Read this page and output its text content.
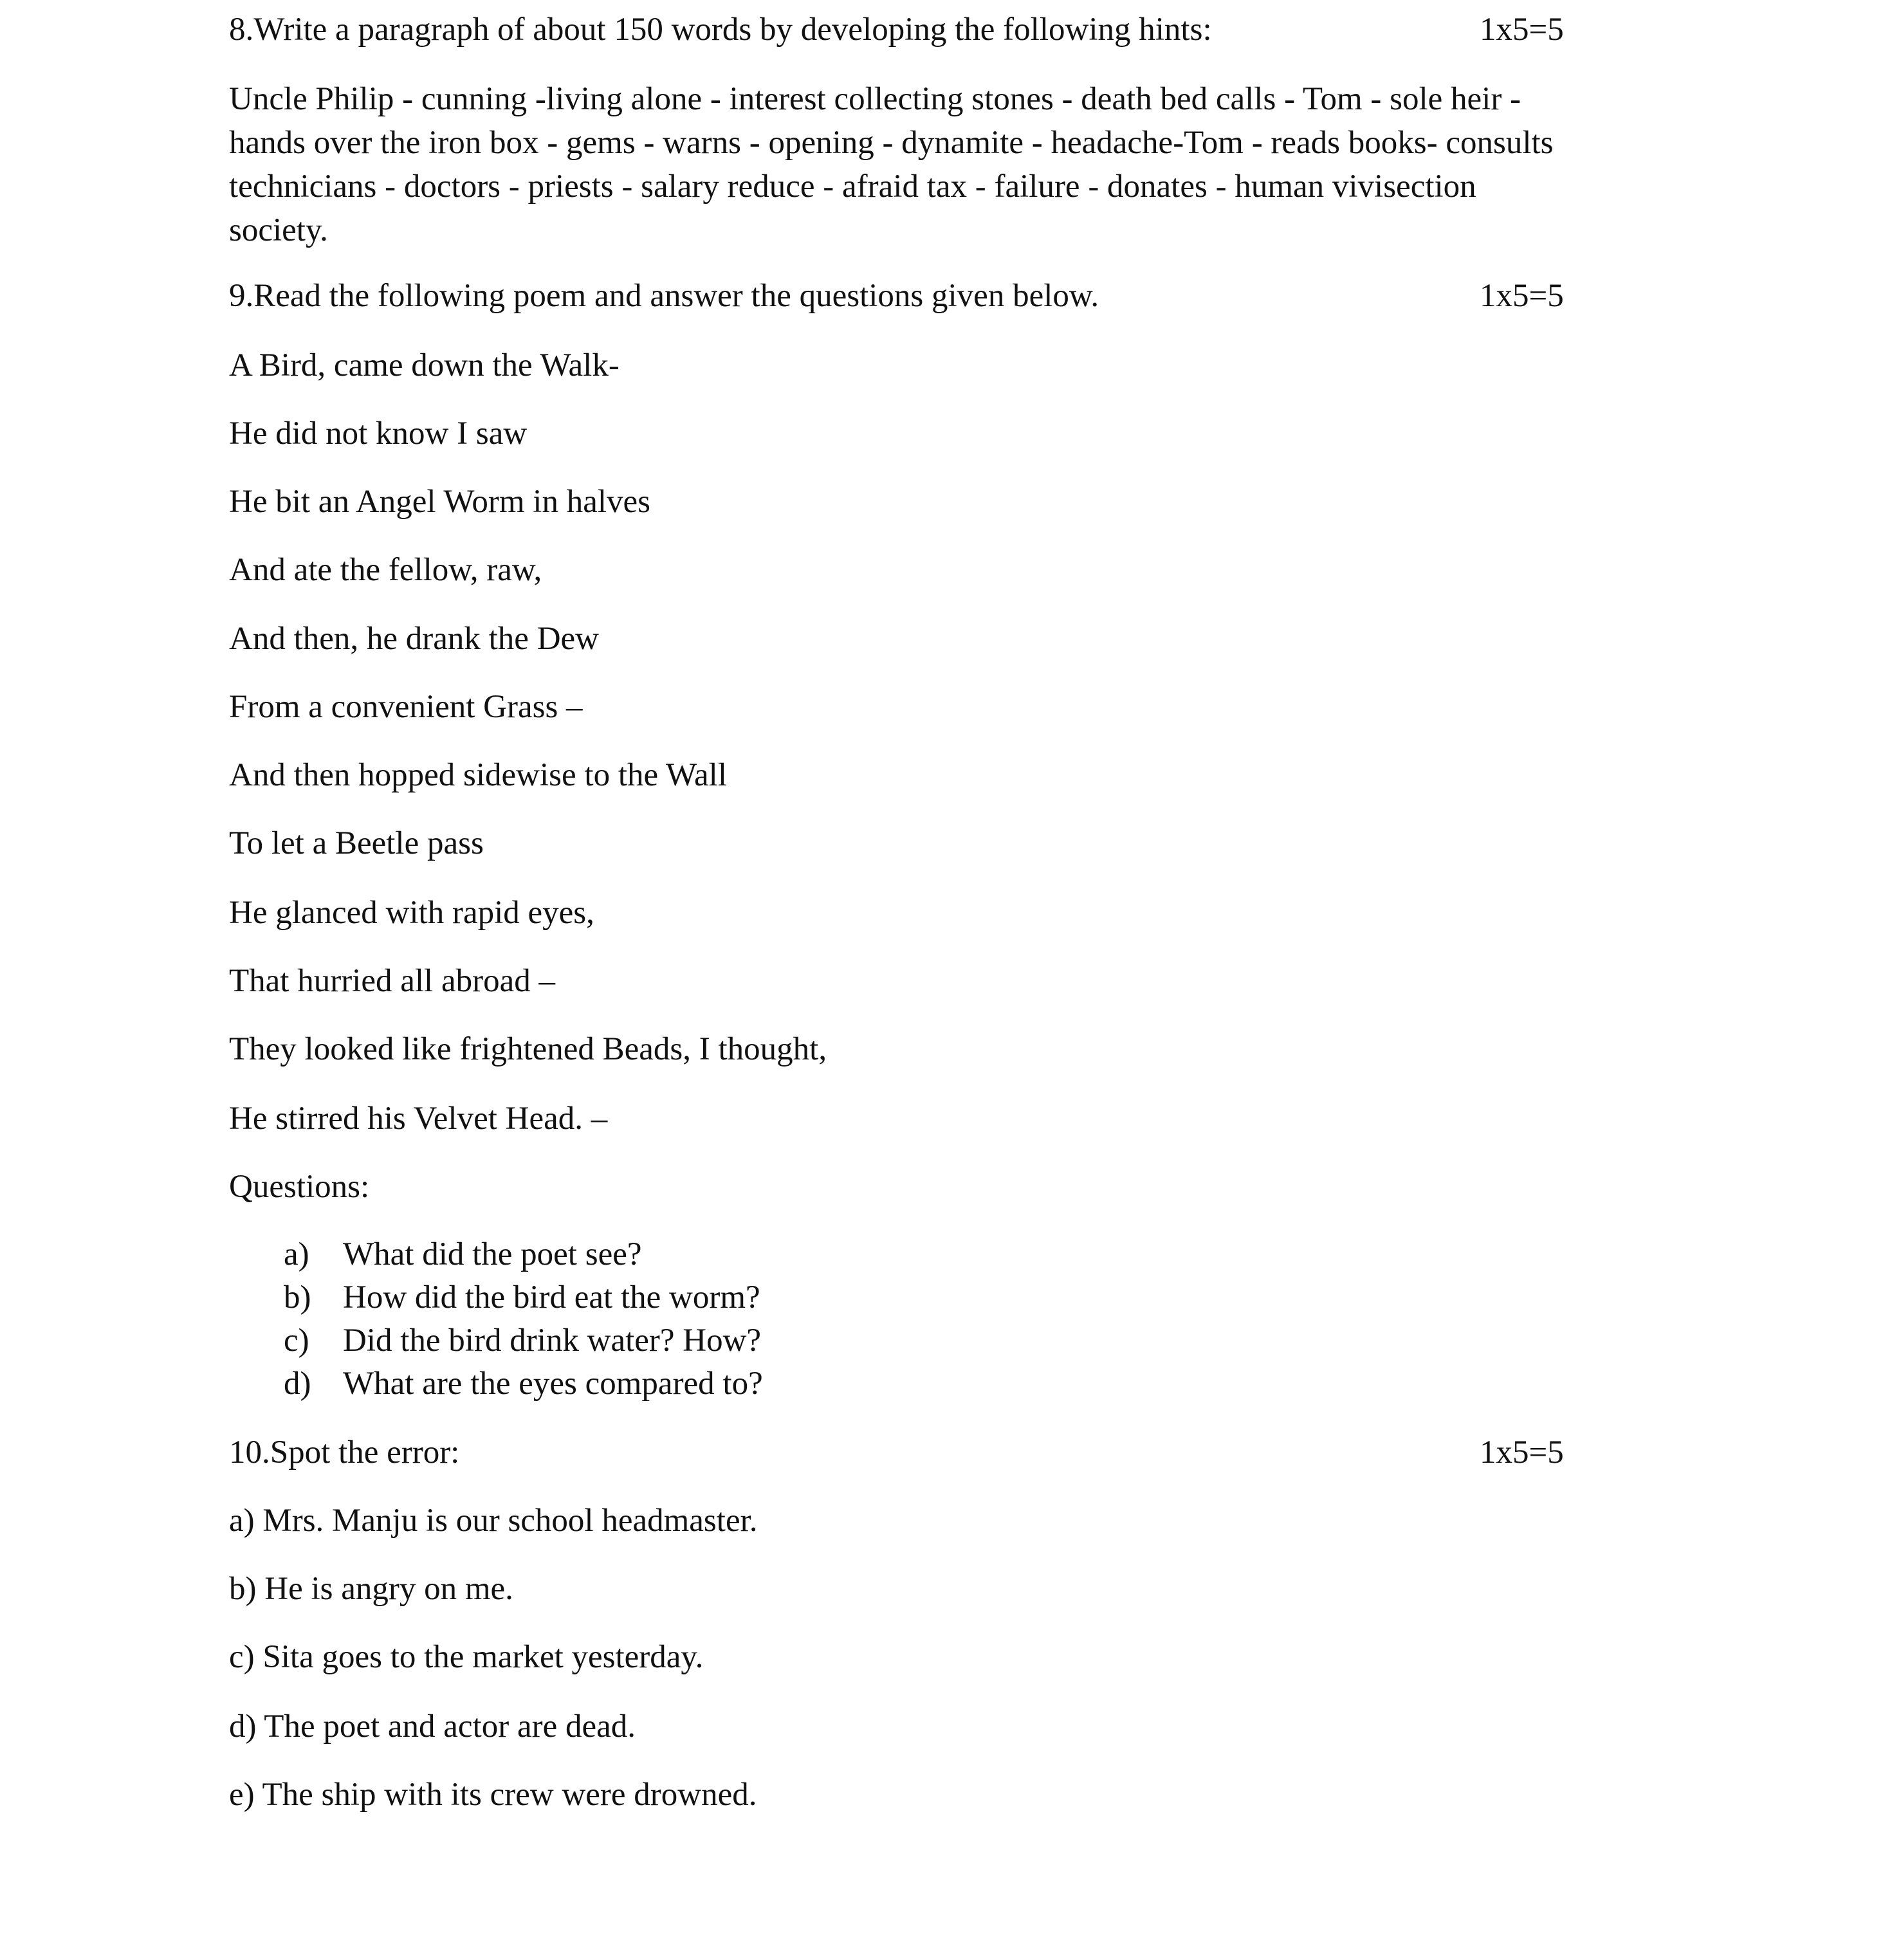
8.Write a paragraph of about 150 words by developing the following hints:	1x5=5
Uncle Philip - cunning -living alone - interest collecting stones - death bed calls - Tom - sole heir -
hands over the iron box - gems - warns - opening - dynamite - headache-Tom - reads books- consults
technicians - doctors - priests - salary reduce - afraid tax - failure - donates - human vivisection
society.
9.Read the following poem and answer the questions given below.	1x5=5
A Bird, came down the Walk-
He did not know I saw
He bit an Angel Worm in halves
And ate the fellow, raw,
And then, he drank the Dew
From a convenient Grass –
And then hopped sidewise to the Wall
To let a Beetle pass
He glanced with rapid eyes,
That hurried all abroad –
They looked like frightened Beads, I thought,
He stirred his Velvet Head. –
Questions:
a) What did the poet see?
b) How did the bird eat the worm?
c) Did the bird drink water? How?
d) What are the eyes compared to?
10.Spot the error:	1x5=5
a) Mrs. Manju is our school headmaster.
b) He is angry on me.
c) Sita goes to the market yesterday.
d) The poet and actor are dead.
e) The ship with its crew were drowned.
